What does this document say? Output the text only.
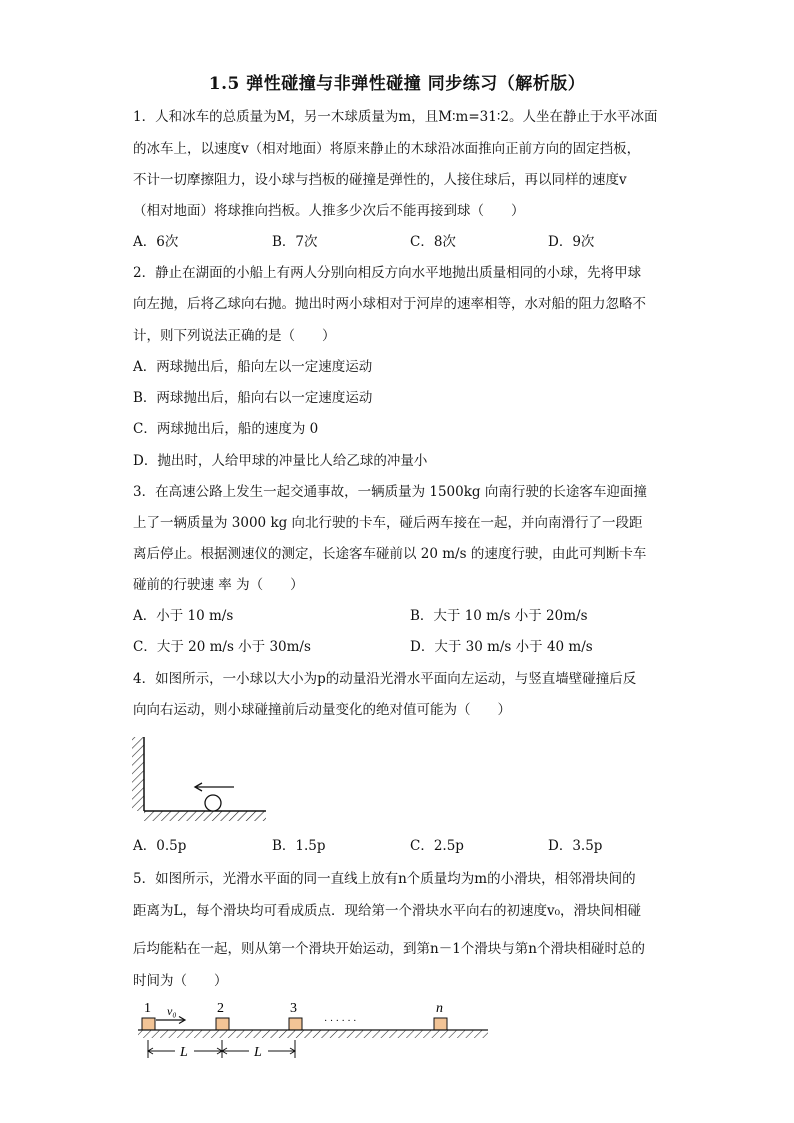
1.5 弹性碰撞与非弹性碰撞 同步练习（解析版）
1．人和冰车的总质量为M，另一木球质量为m，且M∶m=31∶2。人坐在静止于水平冰面
的冰车上，以速度v（相对地面）将原来静止的木球沿冰面推向正前方向的固定挡板，
不计一切摩擦阻力，设小球与挡板的碰撞是弹性的，人接住球后，再以同样的速度v
（相对地面）将球推向挡板。人推多少次后不能再接到球（　　）
A．6次	B．7次	C．8次	D．9次
2．静止在湖面的小船上有两人分别向相反方向水平地抛出质量相同的小球，先将甲球
向左抛，后将乙球向右抛。抛出时两小球相对于河岸的速率相等，水对船的阻力忽略不
计，则下列说法正确的是（　　）
A．两球抛出后，船向左以一定速度运动
B．两球抛出后，船向右以一定速度运动
C．两球抛出后，船的速度为 0
D．抛出时，人给甲球的冲量比人给乙球的冲量小
3．在高速公路上发生一起交通事故，一辆质量为 1500kg 向南行驶的长途客车迎面撞
上了一辆质量为 3000 kg 向北行驶的卡车，碰后两车接在一起，并向南滑行了一段距
离后停止。根据测速仪的测定，长途客车碰前以 20 m/s 的速度行驶，由此可判断卡车
碰前的行驶速 率 为（　　）
A．小于 10 m/s	B．大于 10 m/s 小于 20m/s
C．大于 20 m/s 小于 30m/s	D．大于 30 m/s 小于 40 m/s
4．如图所示，一小球以大小为p的动量沿光滑水平面向左运动，与竖直墙壁碰撞后反
向向右运动，则小球碰撞前后动量变化的绝对值可能为（　　）
A．0.5p	B．1.5p	C．2.5p	D．3.5p
5．如图所示，光滑水平面的同一直线上放有n个质量均为m的小滑块，相邻滑块间的
距离为L，每个滑块均可看成质点．现给第一个滑块水平向右的初速度v₀，滑块间相碰
后均能粘在一起，则从第一个滑块开始运动，到第n－1个滑块与第n个滑块相碰时总的
时间为（　　）
1 v₀	2	3	n
· · · · · ·
L	L
